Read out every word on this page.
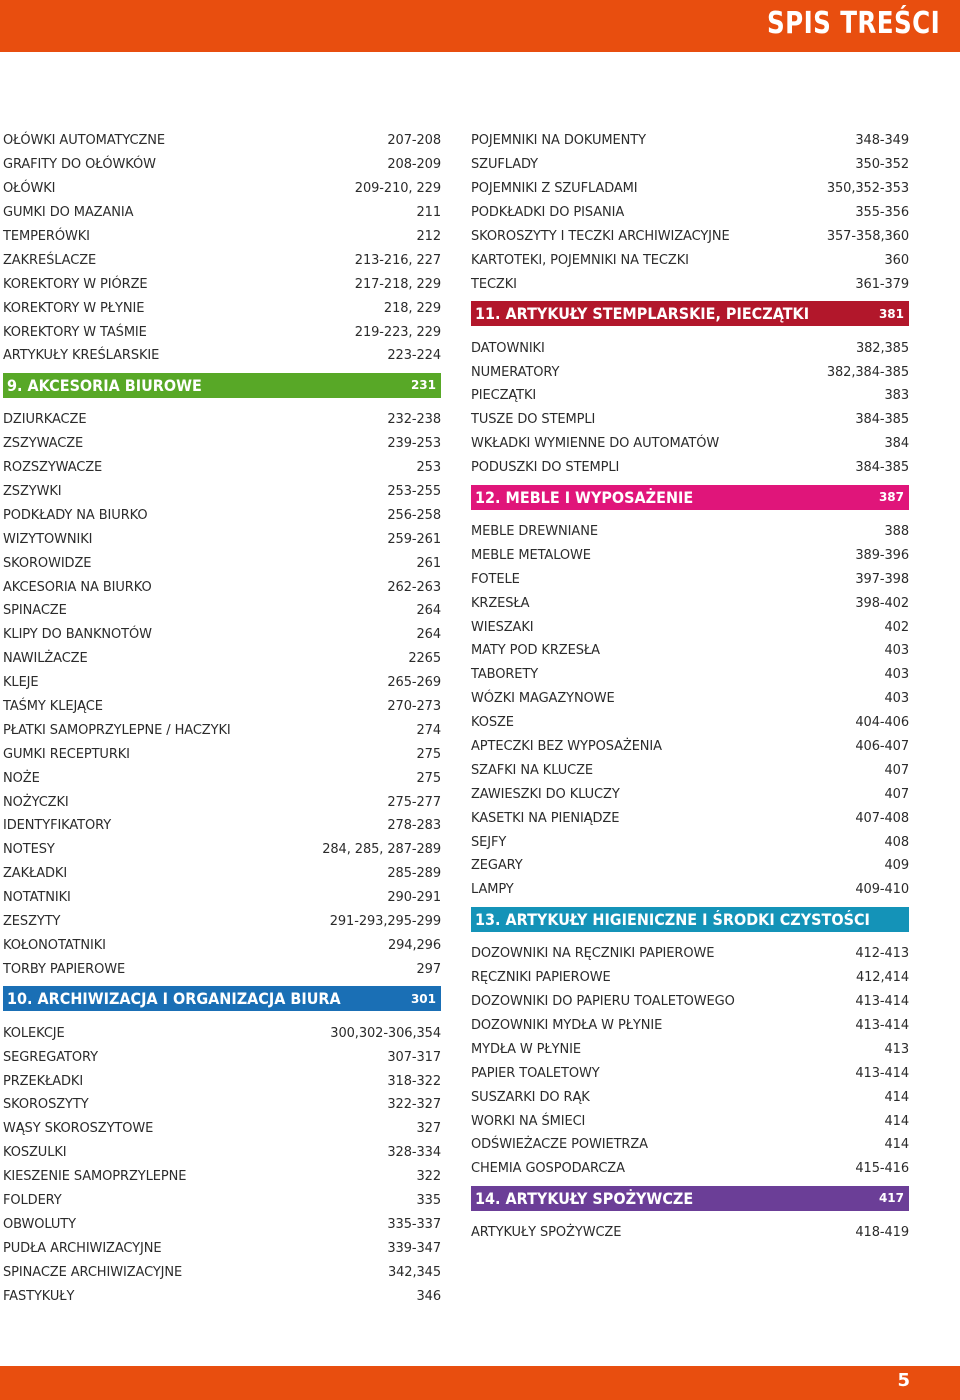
SPIS TREŚCI
OŁÓWKI AUTOMATYCZNE	207-208
GRAFITY DO OŁÓWKÓW	208-209
OŁÓWKI	209-210, 229
GUMKI DO MAZANIA	211
TEMPERÓWKI	212
ZAKREŚLACZE	213-216, 227
KOREKTORY W PIÓRZE	217-218, 229
KOREKTORY W PŁYNIE	218, 229
KOREKTORY W TAŚMIE	219-223, 229
ARTYKUŁY KREŚLARSKIE	223-224
9. AKCESORIA BIUROWE	231
DZIURKACZE	232-238
ZSZYWACZE	239-253
ROZSZYWACZE	253
ZSZYWKI	253-255
PODKŁADY NA BIURKO	256-258
WIZYTOWNIKI	259-261
SKOROWIDZE	261
AKCESORIA NA BIURKO	262-263
SPINACZE	264
KLIPY DO BANKNOTÓW	264
NAWILŻACZE	2265
KLEJE	265-269
TAŚMY KLEJĄCE	270-273
PŁATKI SAMOPRZYLEPNE / HACZYKI	274
GUMKI RECEPTURKI	275
NOŻE	275
NOŻYCZKI	275-277
IDENTYFIKATORY	278-283
NOTESY	284, 285, 287-289
ZAKŁADKI	285-289
NOTATNIKI	290-291
ZESZYTY	291-293,295-299
KOŁONOTATNIKI	294,296
TORBY PAPIEROWE	297
10. ARCHIWIZACJA I ORGANIZACJA BIURA	301
KOLEKCJE	300,302-306,354
SEGREGATORY	307-317
PRZEKŁADKI	318-322
SKOROSZYTY	322-327
WĄSY SKOROSZYTOWE	327
KOSZULKI	328-334
KIESZENIE SAMOPRZYLEPNE	322
FOLDERY	335
OBWOLUTY	335-337
PUDŁA ARCHIWIZACYJNE	339-347
SPINACZE ARCHIWIZACYJNE	342,345
FASTYKUŁY	346
POJEMNIKI NA DOKUMENTY	348-349
SZUFLADY	350-352
POJEMNIKI Z SZUFLADAMI	350,352-353
PODKŁADKI DO PISANIA	355-356
SKOROSZYTY I TECZKI ARCHIWIZACYJNE	357-358,360
KARTOTEKI, POJEMNIKI NA TECZKI	360
TECZKI	361-379
11. ARTYKUŁY STEMPLARSKIE, PIECZĄTKI	381
DATOWNIKI	382,385
NUMERATORY	382,384-385
PIECZĄTKI	383
TUSZE DO STEMPLI	384-385
WKŁADKI WYMIENNE DO AUTOMATÓW	384
PODUSZKI DO STEMPLI	384-385
12. MEBLE I WYPOSAŻENIE	387
MEBLE DREWNIANE	388
MEBLE METALOWE	389-396
FOTELE	397-398
KRZESŁA	398-402
WIESZAKI	402
MATY POD KRZESŁA	403
TABORETY	403
WÓZKI MAGAZYNOWE	403
KOSZE	404-406
APTECZKI BEZ WYPOSAŻENIA	406-407
SZAFKI NA KLUCZE	407
ZAWIESZKI DO KLUCZY	407
KASETKI NA PIENIĄDZE	407-408
SEJFY	408
ZEGARY	409
LAMPY	409-410
13. ARTYKUŁY HIGIENICZNE I ŚRODKI CZYSTOŚCI	411
DOZOWNIKI NA RĘCZNIKI PAPIEROWE	412-413
RĘCZNIKI PAPIEROWE	412,414
DOZOWNIKI DO PAPIERU TOALETOWEGO	413-414
DOZOWNIKI MYDŁA W PŁYNIE	413-414
MYDŁA W PŁYNIE	413
PAPIER TOALETOWY	413-414
SUSZARKI DO RĄK	414
WORKI NA ŚMIECI	414
ODŚWIEŻACZE POWIETRZA	414
CHEMIA GOSPODARCZA	415-416
14. ARTYKUŁY SPOŻYWCZE	417
ARTYKUŁY SPOŻYWCZE	418-419
5
